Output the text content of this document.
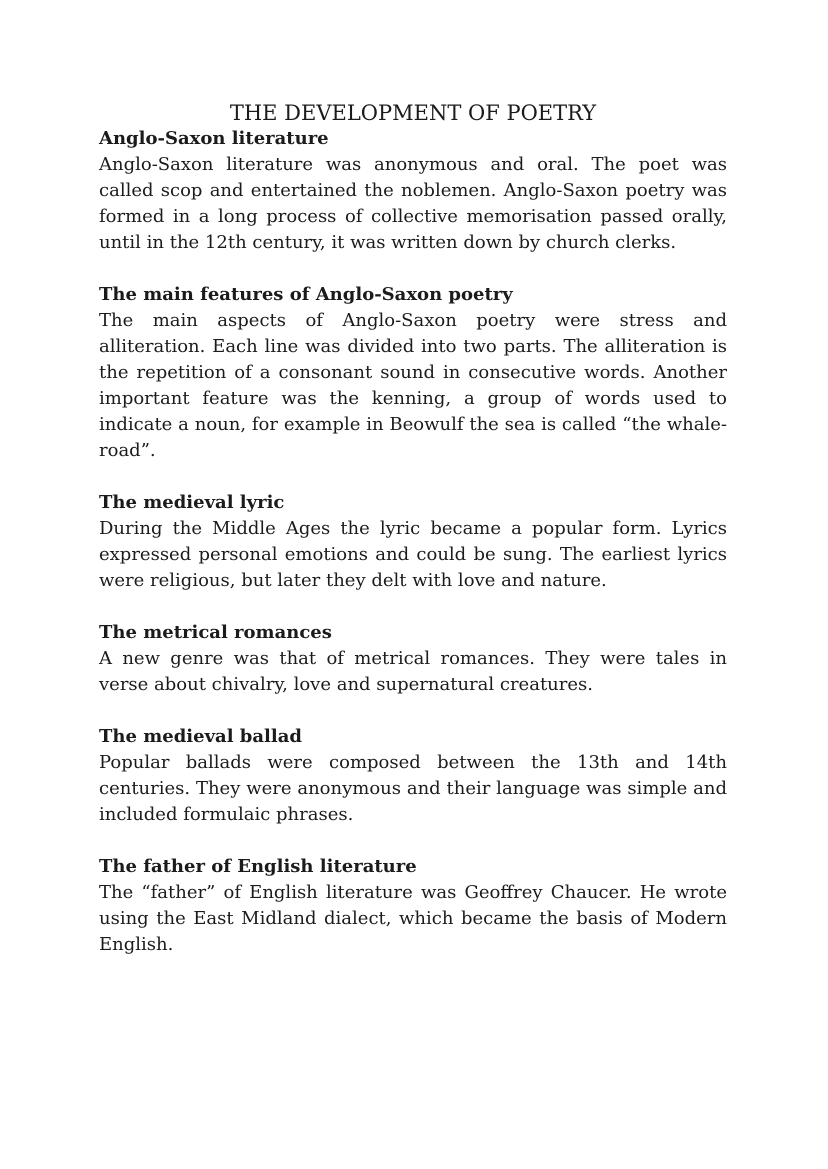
THE DEVELOPMENT OF POETRY
Anglo-Saxon literature

Anglo-Saxon literature was anonymous and oral. The poet was called scop and entertained the noblemen. Anglo-Saxon poetry was formed in a long process of collective memorisation passed orally, until in the 12th century, it was written down by church clerks.

The main features of Anglo-Saxon poetry

The main aspects of Anglo-Saxon poetry were stress and alliteration. Each line was divided into two parts. The alliteration is the repetition of a consonant sound in consecutive words. Another important feature was the kenning, a group of words used to indicate a noun, for example in Beowulf the sea is called “the whale-road”.

The medieval lyric

During the Middle Ages the lyric became a popular form. Lyrics expressed personal emotions and could be sung. The earliest lyrics were religious, but later they delt with love and nature.

The metrical romances

A new genre was that of metrical romances. They were tales in verse about chivalry, love and supernatural creatures.

The medieval ballad

Popular ballads were composed between the 13th and 14th centuries. They were anonymous and their language was simple and included formulaic phrases.

The father of English literature

The “father” of English literature was Geoffrey Chaucer. He wrote using the East Midland dialect, which became the basis of Modern English.
